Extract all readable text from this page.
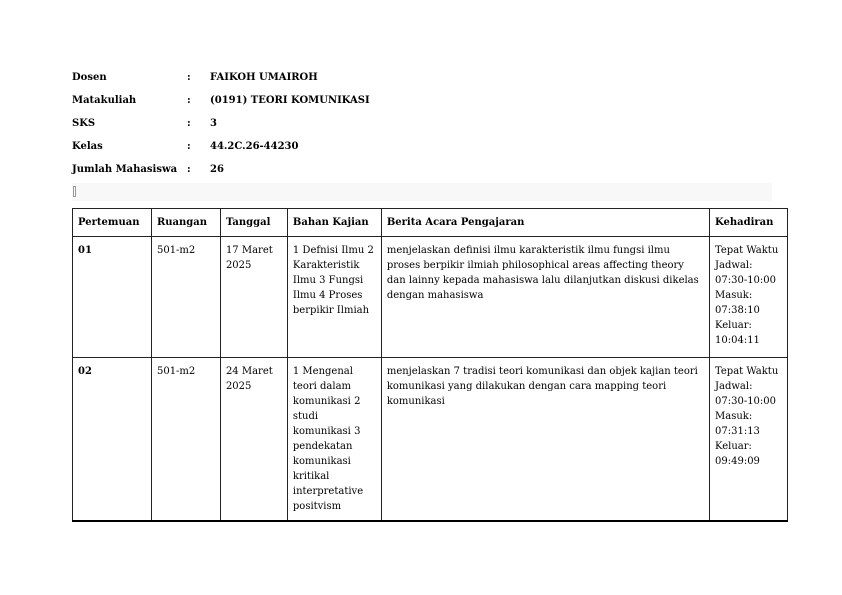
Dosen	: FAIKOH UMAIROH
Matakuliah	: (0191) TEORI KOMUNIKASI
SKS	: 3
Kelas	: 44.2C.26-44230
Jumlah Mahasiswa : 26
Pertemuan	Ruangan	Tanggal	Bahan Kajian	Berita Acara Pengajaran	Kehadiran
01	501-m2	17 Maret 2025	1 Defnisi Ilmu 2 Karakteristik Ilmu 3 Fungsi Ilmu 4 Proses berpikir Ilmiah	menjelaskan definisi ilmu karakteristik ilmu fungsi ilmu proses berpikir ilmiah philosophical areas affecting theory dan lainny kepada mahasiswa lalu dilanjutkan diskusi dikelas dengan mahasiswa	Tepat Waktu Jadwal: 07:30-10:00 Masuk: 07:38:10 Keluar: 10:04:11
02	501-m2	24 Maret 2025	1 Mengenal teori dalam komunikasi 2 studi komunikasi 3 pendekatan komunikasi kritikal interpretative positvism	menjelaskan 7 tradisi teori komunikasi dan objek kajian teori komunikasi yang dilakukan dengan cara mapping teori komunikasi	Tepat Waktu Jadwal: 07:30-10:00 Masuk: 07:31:13 Keluar: 09:49:09
